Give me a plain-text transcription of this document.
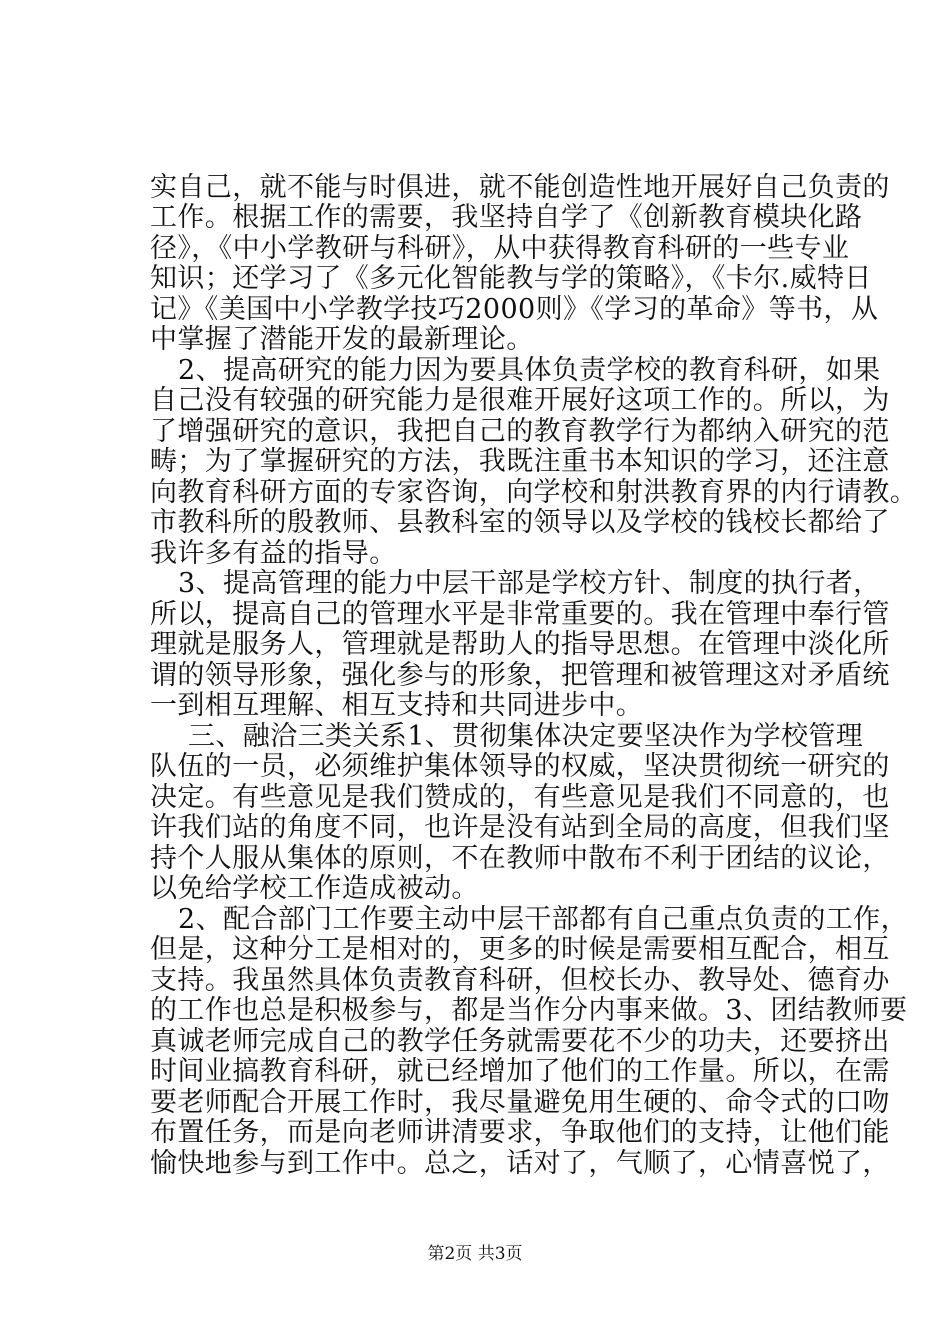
实自己，就不能与时俱进，就不能创造性地开展好自己负责的
工作。根据工作的需要，我坚持自学了《创新教育模块化路
径》，《中小学教研与科研》，从中获得教育科研的一些专业
知识；还学习了《多元化智能教与学的策略》，《卡尔.威特日
记》《美国中小学教学技巧2000则》《学习的革命》等书，从
中掌握了潜能开发的最新理论。
2、提高研究的能力因为要具体负责学校的教育科研，如果
自己没有较强的研究能力是很难开展好这项工作的。所以，为
了增强研究的意识，我把自己的教育教学行为都纳入研究的范
畴；为了掌握研究的方法，我既注重书本知识的学习，还注意
向教育科研方面的专家咨询，向学校和射洪教育界的内行请教。
市教科所的殷教师、县教科室的领导以及学校的钱校长都给了
我许多有益的指导。
3、提高管理的能力中层干部是学校方针、制度的执行者，
所以，提高自己的管理水平是非常重要的。我在管理中奉行管
理就是服务人，管理就是帮助人的指导思想。在管理中淡化所
谓的领导形象，强化参与的形象，把管理和被管理这对矛盾统
一到相互理解、相互支持和共同进步中。
三、融洽三类关系1、贯彻集体决定要坚决作为学校管理
队伍的一员，必须维护集体领导的权威，坚决贯彻统一研究的
决定。有些意见是我们赞成的，有些意见是我们不同意的，也
许我们站的角度不同，也许是没有站到全局的高度，但我们坚
持个人服从集体的原则，不在教师中散布不利于团结的议论，
以免给学校工作造成被动。
2、配合部门工作要主动中层干部都有自己重点负责的工作，
但是，这种分工是相对的，更多的时候是需要相互配合，相互
支持。我虽然具体负责教育科研，但校长办、教导处、德育办
的工作也总是积极参与，都是当作分内事来做。3、团结教师要
真诚老师完成自己的教学任务就需要花不少的功夫，还要挤出
时间业搞教育科研，就已经增加了他们的工作量。所以，在需
要老师配合开展工作时，我尽量避免用生硬的、命令式的口吻
布置任务，而是向老师讲清要求，争取他们的支持，让他们能
愉快地参与到工作中。总之，话对了，气顺了，心情喜悦了，
第2页 共3页
